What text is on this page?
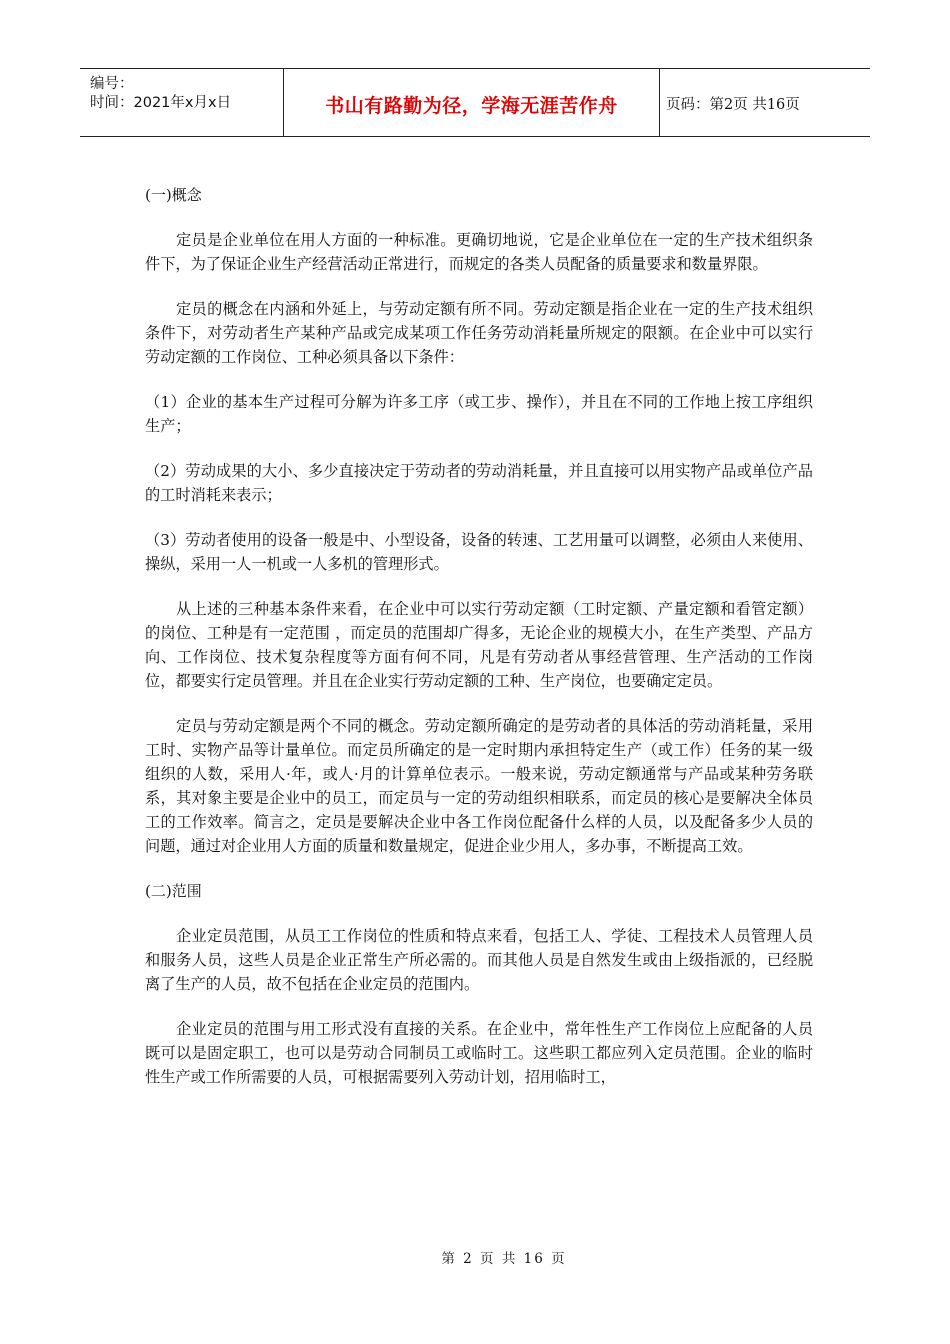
编号：
时间：2021年x月x日	书山有路勤为径，学海无涯苦作舟	页码：第2页 共16页
(一)概念
定员是企业单位在用人方面的一种标准。更确切地说，它是企业单位在一定的生产技术组织条件下，为了保证企业生产经营活动正常进行，而规定的各类人员配备的质量要求和数量界限。
定员的概念在内涵和外延上，与劳动定额有所不同。劳动定额是指企业在一定的生产技术组织条件下，对劳动者生产某种产品或完成某项工作任务劳动消耗量所规定的限额。在企业中可以实行劳动定额的工作岗位、工种必须具备以下条件：
（1）企业的基本生产过程可分解为许多工序（或工步、操作），并且在不同的工作地上按工序组织生产；
（2）劳动成果的大小、多少直接决定于劳动者的劳动消耗量，并且直接可以用实物产品或单位产品的工时消耗来表示；
（3）劳动者使用的设备一般是中、小型设备，设备的转速、工艺用量可以调整，必须由人来使用、操纵，采用一人一机或一人多机的管理形式。
从上述的三种基本条件来看，在企业中可以实行劳动定额（工时定额、产量定额和看管定额）的岗位、工种是有一定范围 ，而定员的范围却广得多，无论企业的规模大小，在生产类型、产品方向、工作岗位、技术复杂程度等方面有何不同，凡是有劳动者从事经营管理、生产活动的工作岗位，都要实行定员管理。并且在企业实行劳动定额的工种、生产岗位，也要确定定员。
定员与劳动定额是两个不同的概念。劳动定额所确定的是劳动者的具体活的劳动消耗量，采用工时、实物产品等计量单位。而定员所确定的是一定时期内承担特定生产（或工作）任务的某一级组织的人数，采用人·年，或人·月的计算单位表示。一般来说，劳动定额通常与产品或某种劳务联系，其对象主要是企业中的员工，而定员与一定的劳动组织相联系，而定员的核心是要解决全体员工的工作效率。简言之，定员是要解决企业中各工作岗位配备什么样的人员，以及配备多少人员的问题，通过对企业用人方面的质量和数量规定，促进企业少用人，多办事，不断提高工效。
(二)范围
企业定员范围，从员工工作岗位的性质和特点来看，包括工人、学徒、工程技术人员管理人员和服务人员，这些人员是企业正常生产所必需的。而其他人员是自然发生或由上级指派的，已经脱离了生产的人员，故不包括在企业定员的范围内。
企业定员的范围与用工形式没有直接的关系。在企业中，常年性生产工作岗位上应配备的人员既可以是固定职工，也可以是劳动合同制员工或临时工。这些职工都应列入定员范围。企业的临时性生产或工作所需要的人员，可根据需要列入劳动计划，招用临时工，
第 2 页 共 16 页
